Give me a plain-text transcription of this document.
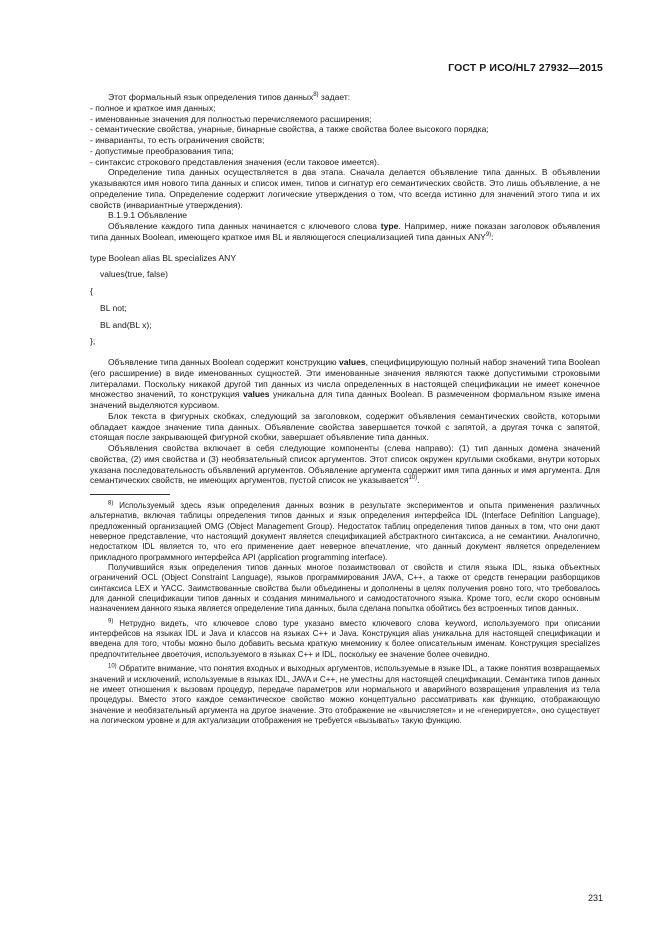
ГОСТ Р ИСО/HL7 27932—2015

Этот формальный язык определения типов данных$^{8)}$ задает:

- полное и краткое имя данных;

- именованные значения для полностью перечисляемого расширения;

- семантические свойства, унарные, бинарные свойства, а также свойства более высокого порядка;

- инварианты, то есть ограничения свойств;

- допустимые преобразования типа;

- синтаксис строкового представления значения (если таковое имеется).

Определение типа данных осуществляется в два этапа. Сначала делается объявление типа данных. В объявлении указываются имя нового типа данных и список имен, типов и сигнатур его семантических свойств. Это лишь объявление, а не определение типа. Определение содержит логические утверждения о том, что всегда истинно для значений этого типа и их свойств (инвариантные утверждения).

B.1.9.1 Объявление

Объявление каждого типа данных начинается с ключевого слова type. Например, ниже показан заголовок объявления типа данных Boolean, имеющего краткое имя BL и являющегося специализацией типа данных ANY$^{9)}$:

type Boolean alias BL specializes ANY

values(true, false)

{

BL not;

BL and(BL x);

};

Объявление типа данных Boolean содержит конструкцию values, специфицирующую полный набор значений типа Boolean (его расширение) в виде именованных сущностей. Эти именованные значения являются также допустимыми строковыми литералами. Поскольку никакой другой тип данных из числа определенных в настоящей спецификации не имеет конечное множество значений, то конструкция values уникальна для типа данных Boolean. В размеченном формальном языке имена значений выделяются курсивом.

Блок текста в фигурных скобках, следующий за заголовком, содержит объявления семантических свойств, которыми обладает каждое значение типа данных. Объявление свойства завершается точкой с запятой, а другая точка с запятой, стоящая после закрывающей фигурной скобки, завершает объявление типа данных.

Объявления свойства включает в себя следующие компоненты (слева направо): (1) тип данных домена значений свойства, (2) имя свойства и (3) необязательный список аргументов. Этот список окружен круглыми скобками, внутри которых указана последовательность объявлений аргументов. Объявление аргумента содержит имя типа данных и имя аргумента. Для семантических свойств, не имеющих аргументов, пустой список не указывается$^{10)}$.

$^{8)}$ Используемый здесь язык определения данных возник в результате экспериментов и опыта применения различных альтернатив, включая таблицы определения типов данных и язык определения интерфейса IDL (Interface Definition Language), предложенный организацией OMG (Object Management Group). Недостаток таблиц определения типов данных в том, что они дают неверное представление, что настоящий документ является спецификацией абстрактного синтаксиса, а не семантики. Аналогично, недостатком IDL является то, что его применение дает неверное впечатление, что данный документ является определением прикладного программного интерфейса API (application programming interface).

Получившийся язык определения типов данных многое позаимствовал от свойств и стиля языка IDL, языка объектных ограничений OCL (Object Constraint Language), языков программирования JAVA, C++, а также от средств генерации разборщиков синтаксиса LEX и YACC. Заимствованные свойства были объединены и дополнены в целях получения ровно того, что требовалось для данной спецификации типов данных и создания минимального и самодостаточного языка. Кроме того, если скоро основным назначением данного языка является определение типа данных, была сделана попытка обойтись без встроенных типов данных.

$^{9)}$ Нетрудно видеть, что ключевое слово type указано вместо ключевого слова keyword, используемого при описании интерфейсов на языках IDL и Java и классов на языках C++ и Java. Конструкция alias уникальна для настоящей спецификации и введена для того, чтобы можно было добавить весьма краткую мнемонику к более описательным именам. Конструкция specializes предпочтительнее двоеточия, используемого в языках C++ и IDL, поскольку ее значение более очевидно.

$^{10)}$ Обратите внимание, что понятия входных и выходных аргументов, используемые в языке IDL, а также понятия возвращаемых значений и исключений, используемые в языках IDL, JAVA и C++, не уместны для настоящей спецификации. Семантика типов данных не имеет отношения к вызовам процедур, передаче параметров или нормального и аварийного возвращения управления из тела процедуры. Вместо этого каждое семантическое свойство можно концептуально рассматривать как функцию, отображающую значение и необязательный аргумента на другое значение. Это отображение не «вычисляется» и не «генерируется», оно существует на логическом уровне и для актуализации отображения не требуется «вызывать» такую функцию.

231
